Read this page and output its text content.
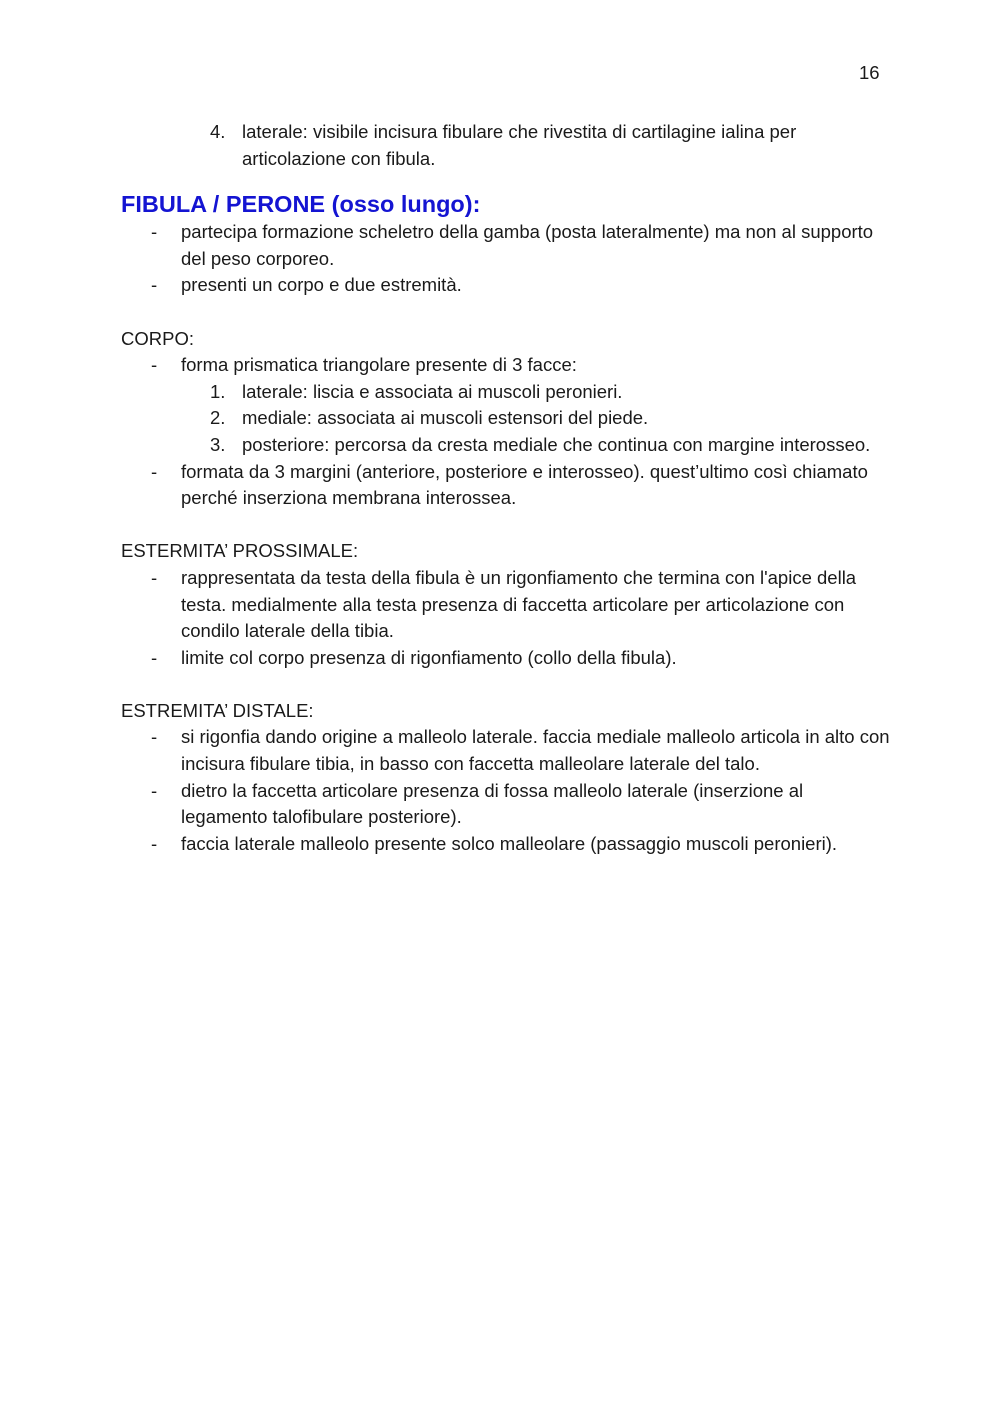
16
4. laterale: visibile incisura fibulare che rivestita di cartilagine ialina per articolazione con fibula.
FIBULA / PERONE (osso lungo):
- partecipa formazione scheletro della gamba (posta lateralmente) ma non al supporto del peso corporeo.
- presenti un corpo e due estremità.

CORPO:

- forma prismatica triangolare presente di 3 facce:
1. laterale: liscia e associata ai muscoli peronieri.
2. mediale: associata ai muscoli estensori del piede.
3. posteriore: percorsa da cresta mediale che continua con margine interosseo.
- formata da 3 margini (anteriore, posteriore e interosseo). quest’ultimo così chiamato perché inserziona membrana interossea.

ESTERMITA’ PROSSIMALE:

- rappresentata da testa della fibula è un rigonfiamento che termina con l'apice della testa. medialmente alla testa presenza di faccetta articolare per articolazione con condilo laterale della tibia.
- limite col corpo presenza di rigonfiamento (collo della fibula).

ESTREMITA’ DISTALE:

- si rigonfia dando origine a malleolo laterale. faccia mediale malleolo articola in alto con incisura fibulare tibia, in basso con faccetta malleolare laterale del talo.
- dietro la faccetta articolare presenza di fossa malleolo laterale (inserzione al legamento talofibulare posteriore).
- faccia laterale malleolo presente solco malleolare (passaggio muscoli peronieri).
